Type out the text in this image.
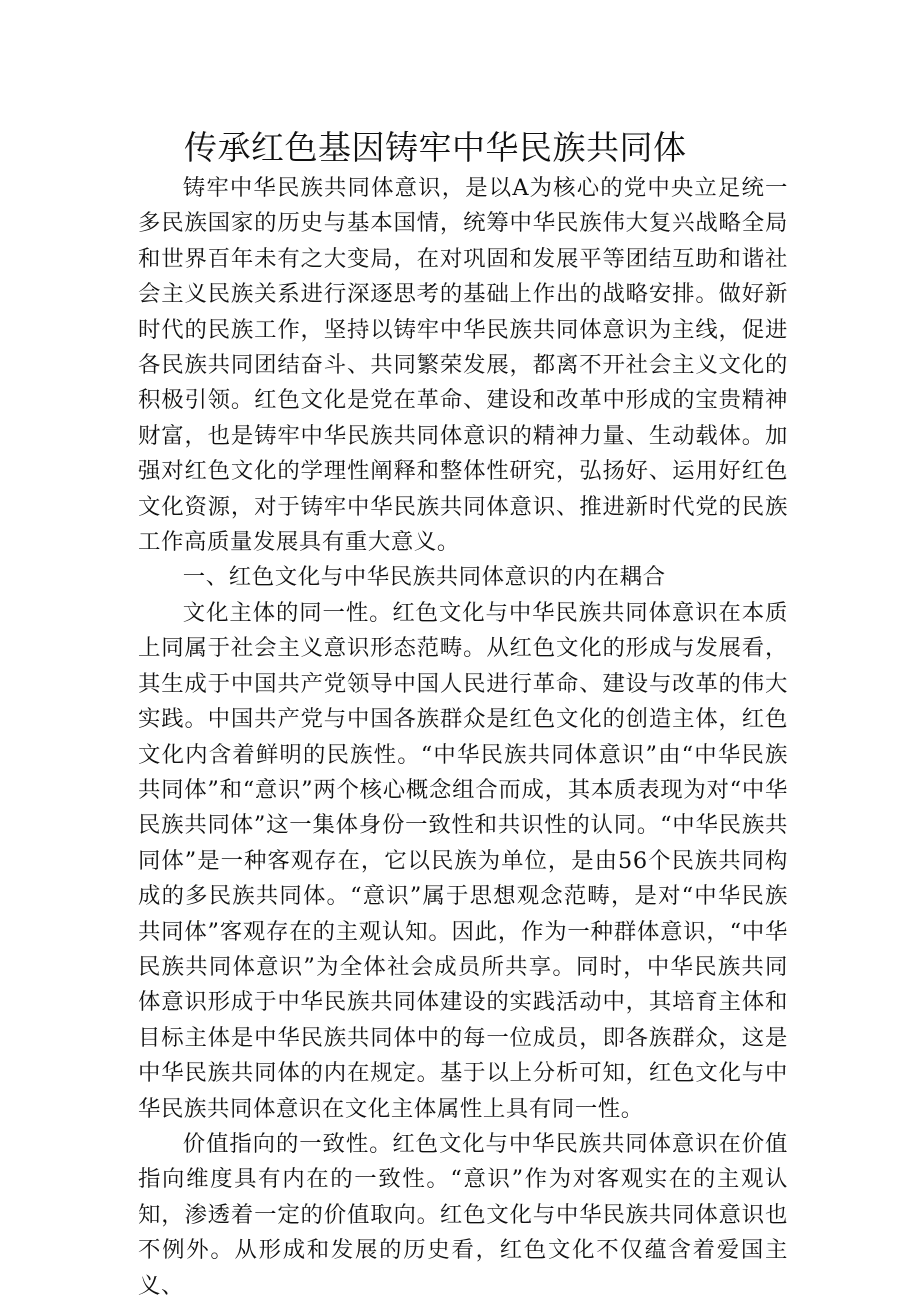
传承红色基因铸牢中华民族共同体

铸牢中华民族共同体意识，是以A为核心的党中央立足统一多民族国家的历史与基本国情，统筹中华民族伟大复兴战略全局和世界百年未有之大变局，在对巩固和发展平等团结互助和谐社会主义民族关系进行深逐思考的基础上作出的战略安排。做好新时代的民族工作，坚持以铸牢中华民族共同体意识为主线，促进各民族共同团结奋斗、共同繁荣发展，都离不开社会主义文化的积极引领。红色文化是党在革命、建设和改革中形成的宝贵精神财富，也是铸牢中华民族共同体意识的精神力量、生动载体。加强对红色文化的学理性阐释和整体性研究，弘扬好、运用好红色文化资源，对于铸牢中华民族共同体意识、推进新时代党的民族工作高质量发展具有重大意义。

一、红色文化与中华民族共同体意识的内在耦合

文化主体的同一性。红色文化与中华民族共同体意识在本质上同属于社会主义意识形态范畴。从红色文化的形成与发展看，其生成于中国共产党领导中国人民进行革命、建设与改革的伟大实践。中国共产党与中国各族群众是红色文化的创造主体，红色文化内含着鲜明的民族性。“中华民族共同体意识”由“中华民族共同体”和“意识”两个核心概念组合而成，其本质表现为对“中华民族共同体”这一集体身份一致性和共识性的认同。“中华民族共同体”是一种客观存在，它以民族为单位，是由56个民族共同构成的多民族共同体。“意识”属于思想观念范畴，是对“中华民族共同体”客观存在的主观认知。因此，作为一种群体意识，“中华民族共同体意识”为全体社会成员所共享。同时，中华民族共同体意识形成于中华民族共同体建设的实践活动中，其培育主体和目标主体是中华民族共同体中的每一位成员，即各族群众，这是中华民族共同体的内在规定。基于以上分析可知，红色文化与中华民族共同体意识在文化主体属性上具有同一性。

价值指向的一致性。红色文化与中华民族共同体意识在价值指向维度具有内在的一致性。“意识”作为对客观实在的主观认知，渗透着一定的价值取向。红色文化与中华民族共同体意识也不例外。从形成和发展的历史看，红色文化不仅蕴含着爱国主义、
